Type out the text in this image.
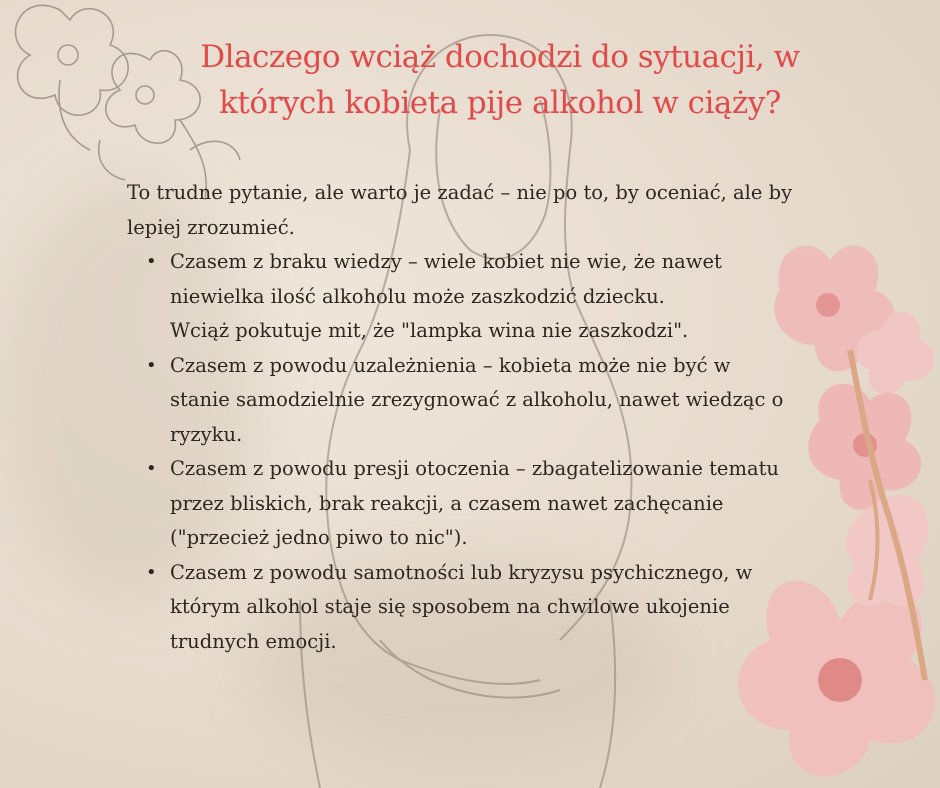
Dlaczego wciąż dochodzi do sytuacji, w
których kobieta pije alkohol w ciąży?

To trudne pytanie, ale warto je zadać – nie po to, by oceniać, ale by
lepiej zrozumieć.

• Czasem z braku wiedzy – wiele kobiet nie wie, że nawet
niewielka ilość alkoholu może zaszkodzić dziecku.
Wciąż pokutuje mit, że "lampka wina nie zaszkodzi".
• Czasem z powodu uzależnienia – kobieta może nie być w
stanie samodzielnie zrezygnować z alkoholu, nawet wiedząc o
ryzyku.
• Czasem z powodu presji otoczenia – zbagatelizowanie tematu
przez bliskich, brak reakcji, a czasem nawet zachęcanie
("przecież jedno piwo to nic").
• Czasem z powodu samotności lub kryzysu psychicznego, w
którym alkohol staje się sposobem na chwilowe ukojenie
trudnych emocji.
